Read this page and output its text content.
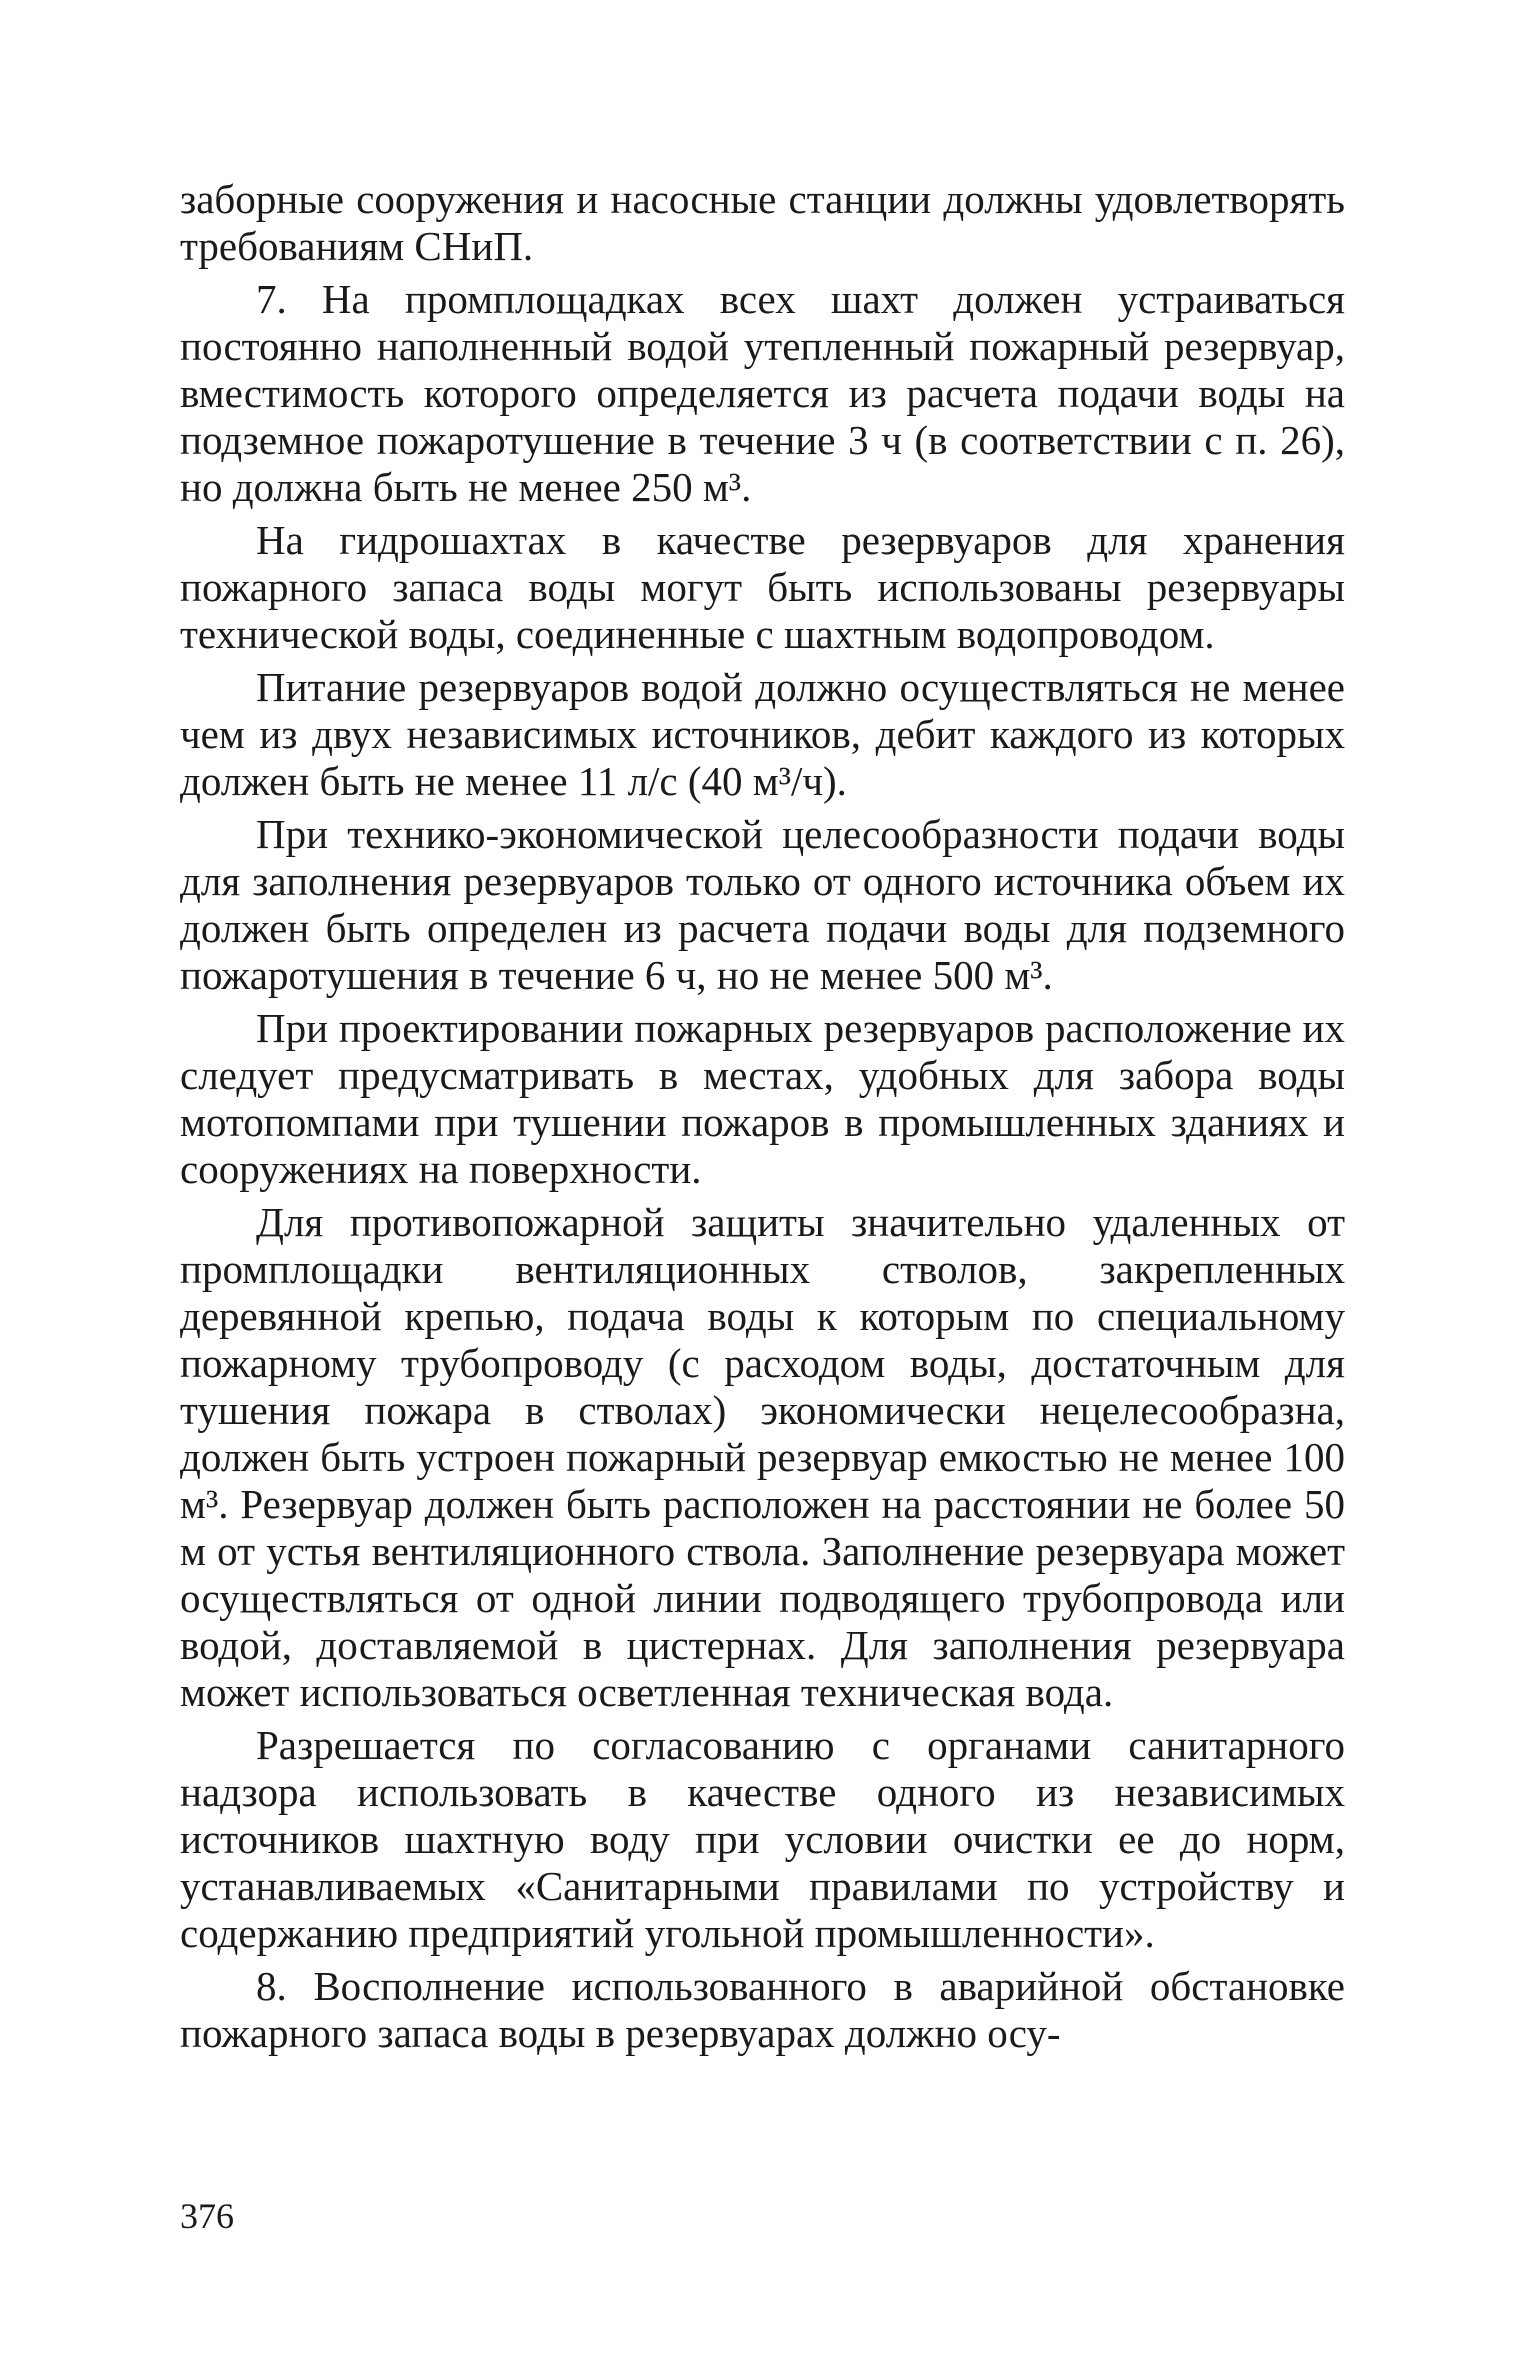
заборные сооружения и насосные станции должны удовлетворять требованиям СНиП.

7. На промплощадках всех шахт должен устраиваться постоянно наполненный водой утепленный пожарный резервуар, вместимость которого определяется из расчета подачи воды на подземное пожаротушение в течение 3 ч (в соответствии с п. 26), но должна быть не менее 250 м³.

На гидрошахтах в качестве резервуаров для хранения пожарного запаса воды могут быть использованы резервуары технической воды, соединенные с шахтным водопроводом.

Питание резервуаров водой должно осуществляться не менее чем из двух независимых источников, дебит каждого из которых должен быть не менее 11 л/с (40 м³/ч).

При технико-экономической целесообразности подачи воды для заполнения резервуаров только от одного источника объем их должен быть определен из расчета подачи воды для подземного пожаротушения в течение 6 ч, но не менее 500 м³.

При проектировании пожарных резервуаров расположение их следует предусматривать в местах, удобных для забора воды мотопомпами при тушении пожаров в промышленных зданиях и сооружениях на поверхности.

Для противопожарной защиты значительно удаленных от промплощадки вентиляционных стволов, закрепленных деревянной крепью, подача воды к которым по специальному пожарному трубопроводу (с расходом воды, достаточным для тушения пожара в стволах) экономически нецелесообразна, должен быть устроен пожарный резервуар емкостью не менее 100 м³. Резервуар должен быть расположен на расстоянии не более 50 м от устья вентиляционного ствола. Заполнение резервуара может осуществляться от одной линии подводящего трубопровода или водой, доставляемой в цистернах. Для заполнения резервуара может использоваться осветленная техническая вода.

Разрешается по согласованию с органами санитарного надзора использовать в качестве одного из независимых источников шахтную воду при условии очистки ее до норм, устанавливаемых «Санитарными правилами по устройству и содержанию предприятий угольной промышленности».

8. Восполнение использованного в аварийной обстановке пожарного запаса воды в резервуарах должно осу-

376
